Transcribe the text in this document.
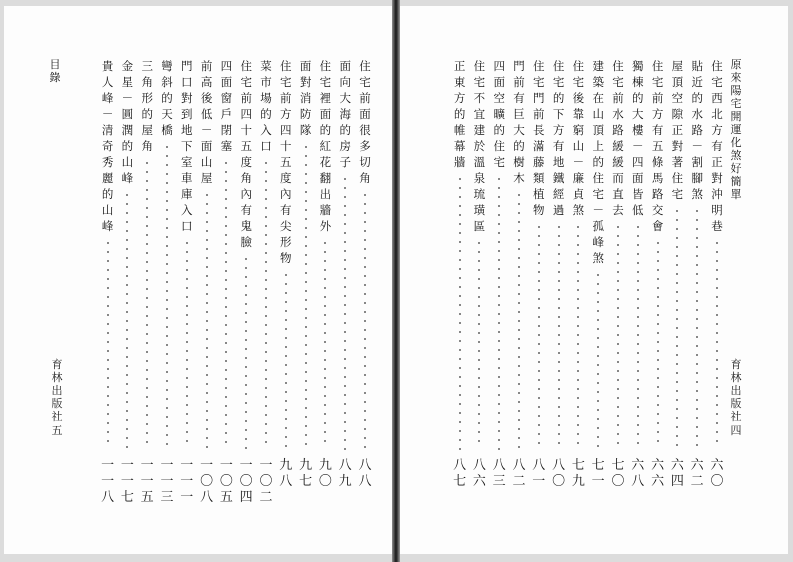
目錄
育林出版社
五
住宅前面很多切角
八八
面向大海的房子
八九
住宅裡面的紅花翻出牆外
九〇
面對消防隊
九七
住宅前方四十五度內有尖形物
九八
菜市場的入口
一〇二
住宅前四十五度角內有鬼臉
一〇四
四面窗戶閉塞
一〇五
前高後低－面山屋
一〇八
門口對到地下室車庫入口
一一一
彎斜的天橋
一一三
三角形的屋角
一一五
金星－圓潤的山峰
一一七
貴人峰－清奇秀麗的山峰
一一八
原來陽宅開運化煞好簡單
育林出版社
四
住宅西北方有正對沖明巷
六〇
貼近的水路－割腳煞
六二
屋頂空隙正對著住宅
六四
住宅前方有五條馬路交會
六六
獨棟的大樓－四面皆低
六八
住宅前水路緩緩而直去
七〇
建築在山頂上的住宅－孤峰煞
七一
住宅後靠窮山－廉貞煞
七九
住宅的下方有地鐵經過
八〇
住宅門前長滿藤類植物
八一
門前有巨大的樹木
八二
四面空曠的住宅
八三
住宅不宜建於溫泉琉璜區
八六
正東方的帷幕牆
八七
